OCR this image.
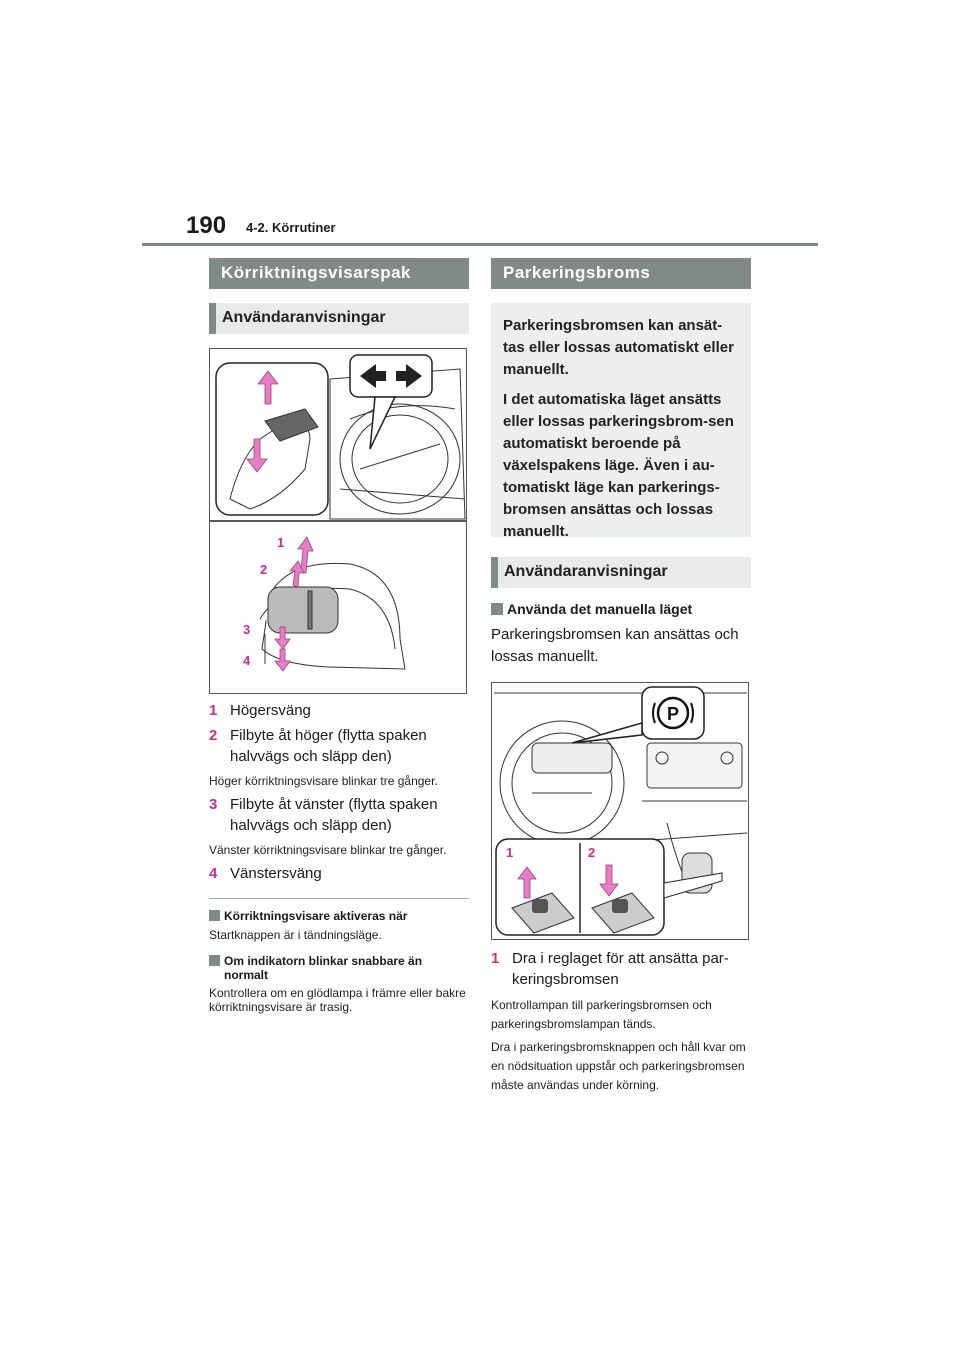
190 4-2. Körrutiner
Körriktningsvisarspak
Användaranvisningar
1
2
3
4
1 Högersväng
2 Filbyte åt höger (flytta spaken halvvägs och släpp den)
Höger körriktningsvisare blinkar tre gånger.
3 Filbyte åt vänster (flytta spaken halvvägs och släpp den)
Vänster körriktningsvisare blinkar tre gånger.
4 Vänstersväng
Körriktningsvisare aktiveras när
Startknappen är i tändningsläge.
Om indikatorn blinkar snabbare än normalt
Kontrollera om en glödlampa i främre eller bakre körriktningsvisare är trasig.
Parkeringsbroms

Parkeringsbromsen kan ansät-tas eller lossas automatiskt eller manuellt.

I det automatiska läget ansätts eller lossas parkeringsbrom-sen automatiskt beroende på växelspakens läge. Även i au-tomatiskt läge kan parkerings-bromsen ansättas och lossas manuellt.

Användaranvisningar
Använda det manuella läget
Parkeringsbromsen kan ansättas och lossas manuellt.
P
1	2
1 Dra i reglaget för att ansätta par-keringsbromsen
Kontrollampan till parkeringsbromsen och parkeringsbromslampan tänds.
Dra i parkeringsbromsknappen och håll kvar om en nödsituation uppstår och parkeringsbromsen måste användas under körning.
